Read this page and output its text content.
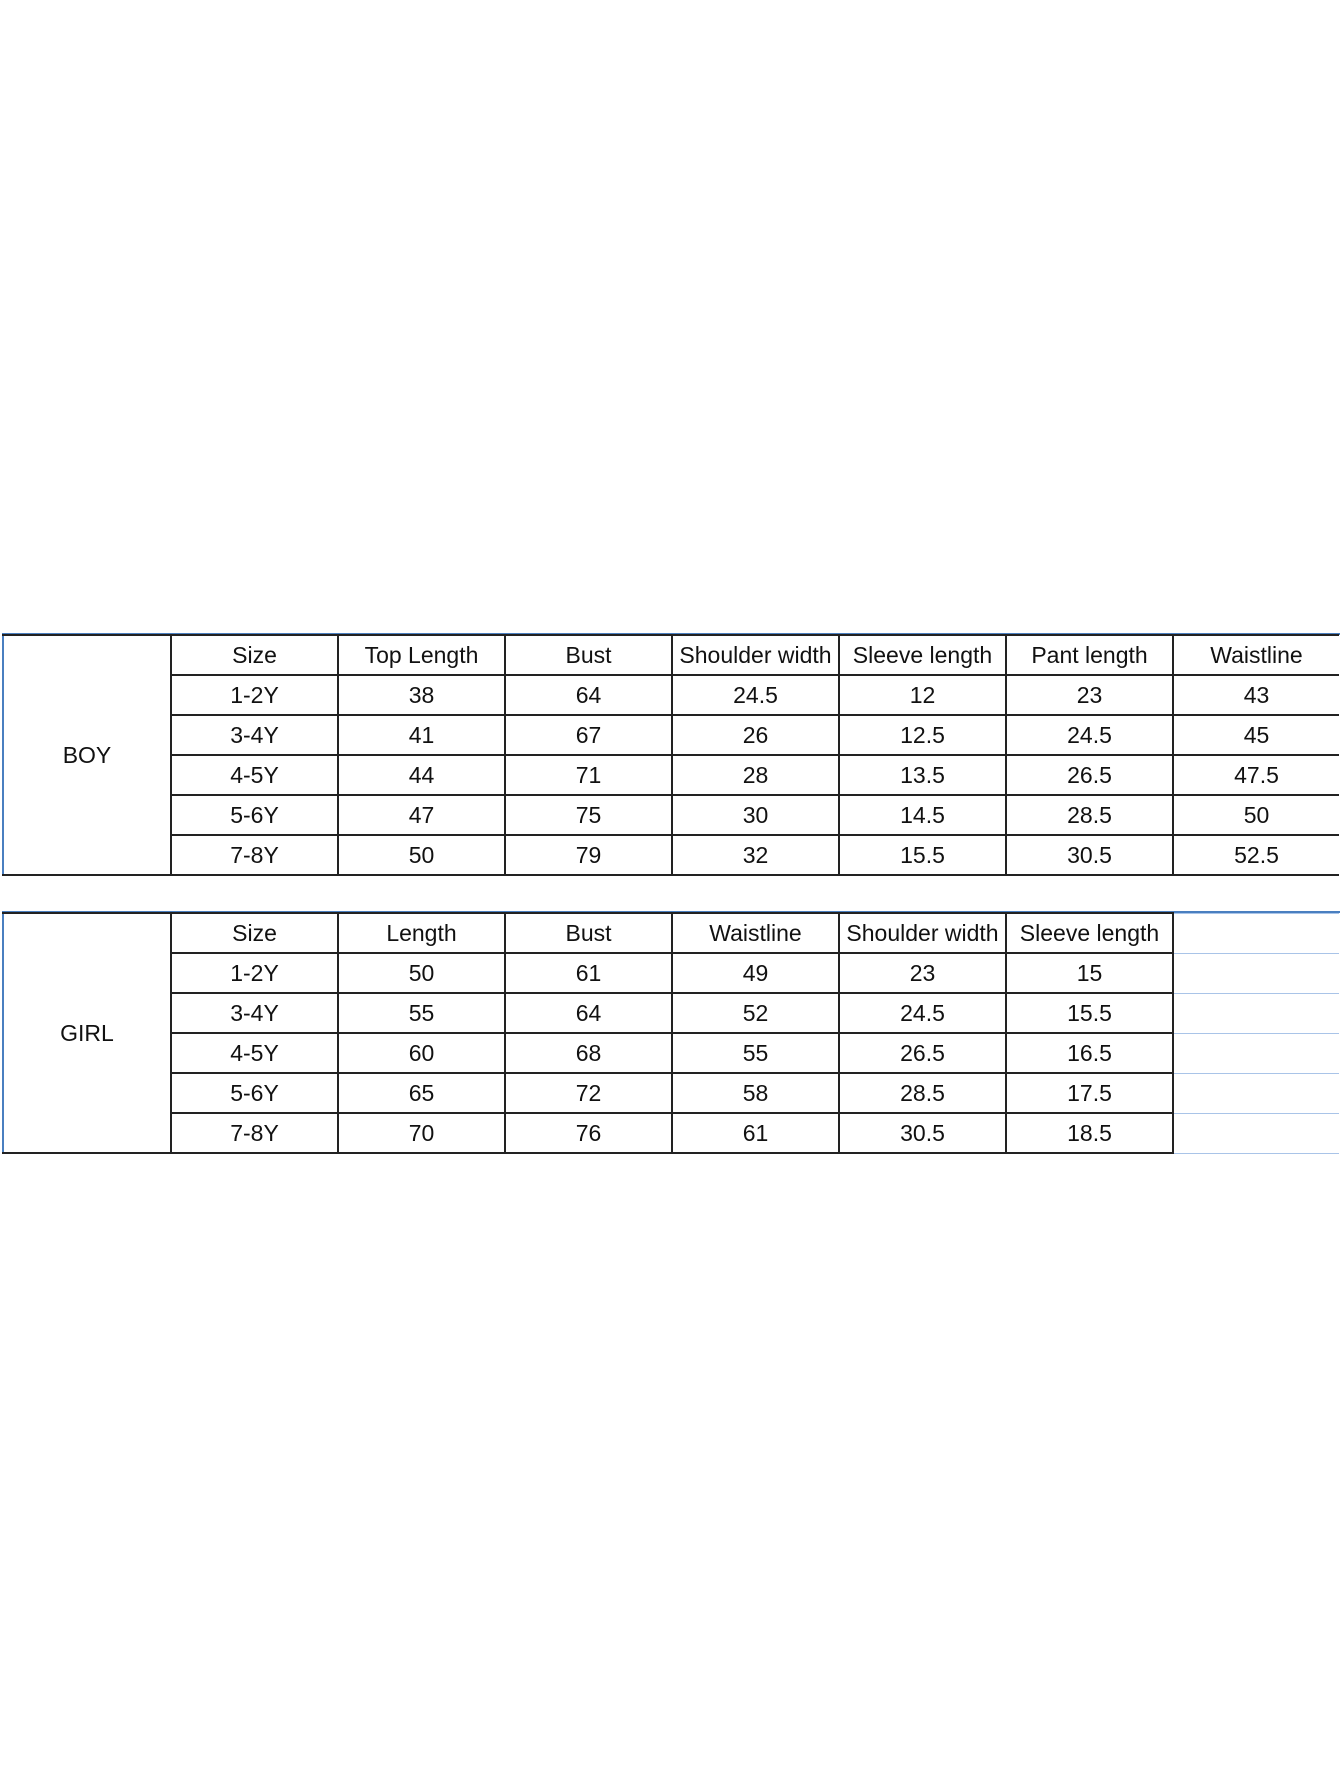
BOY	Size	Top Length	Bust	Shoulder width	Sleeve length	Pant length	Waistline
	1-2Y	38	64	24.5	12	23	43
	3-4Y	41	67	26	12.5	24.5	45
	4-5Y	44	71	28	13.5	26.5	47.5
	5-6Y	47	75	30	14.5	28.5	50
	7-8Y	50	79	32	15.5	30.5	52.5
GIRL	Size	Length	Bust	Waistline	Shoulder width	Sleeve length	
	1-2Y	50	61	49	23	15	
	3-4Y	55	64	52	24.5	15.5	
	4-5Y	60	68	55	26.5	16.5	
	5-6Y	65	72	58	28.5	17.5	
	7-8Y	70	76	61	30.5	18.5	
